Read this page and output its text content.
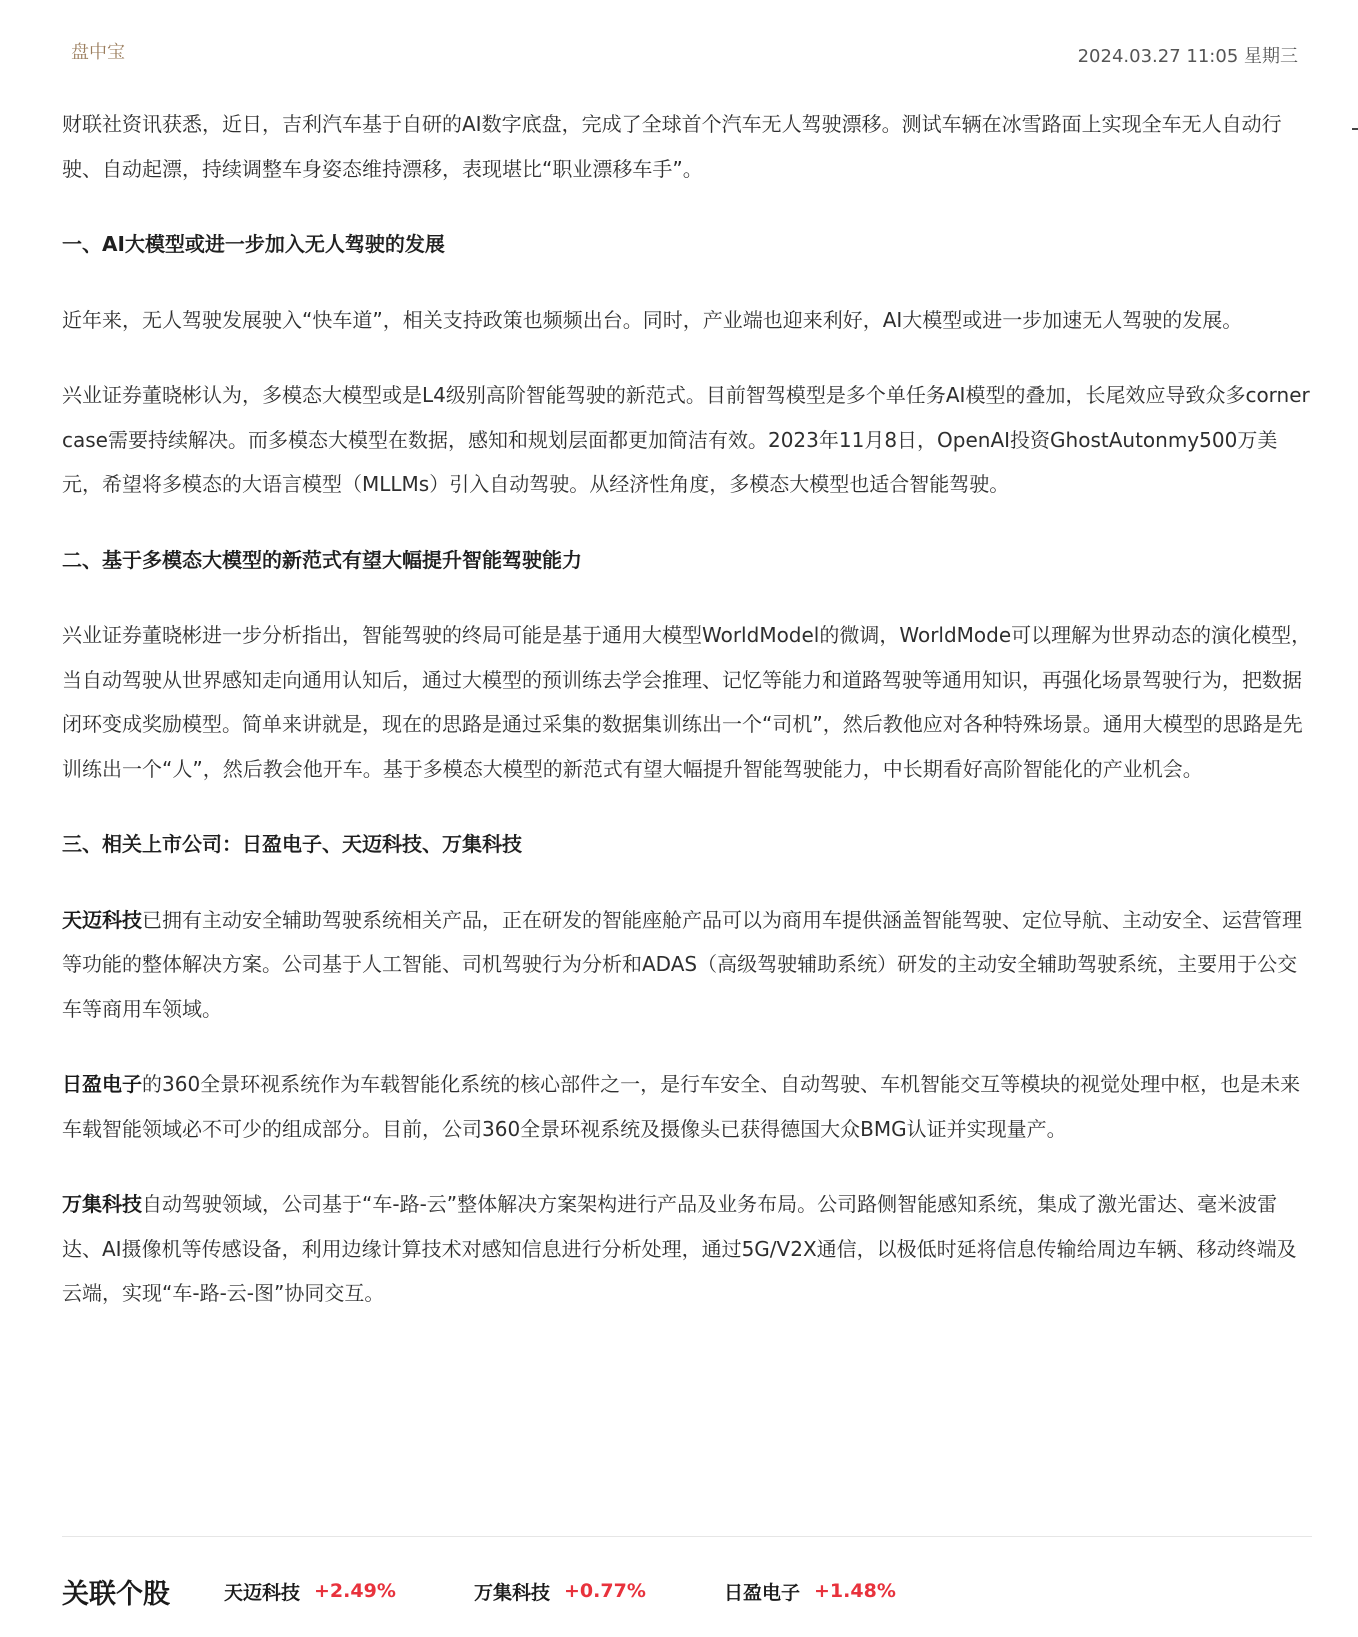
盘中宝	2024.03.27 11:05 星期三

财联社资讯获悉，近日，吉利汽车基于自研的AI数字底盘，完成了全球首个汽车无人驾驶漂移。测试车辆在冰雪路面上实现全车无人自动行驶、自动起漂，持续调整车身姿态维持漂移，表现堪比“职业漂移车手”。

一、AI大模型或进一步加入无人驾驶的发展

近年来，无人驾驶发展驶入“快车道”，相关支持政策也频频出台。同时，产业端也迎来利好，AI大模型或进一步加速无人驾驶的发展。

兴业证券董晓彬认为，多模态大模型或是L4级别高阶智能驾驶的新范式。目前智驾模型是多个单任务AI模型的叠加，长尾效应导致众多cornercase需要持续解决。而多模态大模型在数据，感知和规划层面都更加简洁有效。2023年11月8日，OpenAI投资GhostAutonmy500万美元，希望将多模态的大语言模型（MLLMs）引入自动驾驶。从经济性角度，多模态大模型也适合智能驾驶。

二、基于多模态大模型的新范式有望大幅提升智能驾驶能力

兴业证券董晓彬进一步分析指出，智能驾驶的终局可能是基于通用大模型WorldModel的微调，WorldMode可以理解为世界动态的演化模型，当自动驾驶从世界感知走向通用认知后，通过大模型的预训练去学会推理、记忆等能力和道路驾驶等通用知识，再强化场景驾驶行为，把数据闭环变成奖励模型。简单来讲就是，现在的思路是通过采集的数据集训练出一个“司机”，然后教他应对各种特殊场景。通用大模型的思路是先训练出一个“人”，然后教会他开车。基于多模态大模型的新范式有望大幅提升智能驾驶能力，中长期看好高阶智能化的产业机会。

三、相关上市公司：日盈电子、天迈科技、万集科技

天迈科技已拥有主动安全辅助驾驶系统相关产品，正在研发的智能座舱产品可以为商用车提供涵盖智能驾驶、定位导航、主动安全、运营管理等功能的整体解决方案。公司基于人工智能、司机驾驶行为分析和ADAS（高级驾驶辅助系统）研发的主动安全辅助驾驶系统，主要用于公交车等商用车领域。

日盈电子的360全景环视系统作为车载智能化系统的核心部件之一，是行车安全、自动驾驶、车机智能交互等模块的视觉处理中枢，也是未来车载智能领域必不可少的组成部分。目前，公司360全景环视系统及摄像头已获得德国大众BMG认证并实现量产。

万集科技自动驾驶领域，公司基于“车-路-云”整体解决方案架构进行产品及业务布局。公司路侧智能感知系统，集成了激光雷达、毫米波雷达、AI摄像机等传感设备，利用边缘计算技术对感知信息进行分析处理，通过5G/V2X通信，以极低时延将信息传输给周边车辆、移动终端及云端，实现“车-路-云-图”协同交互。

关联个股	天迈科技 +2.49%	万集科技 +0.77%	日盈电子 +1.48%
